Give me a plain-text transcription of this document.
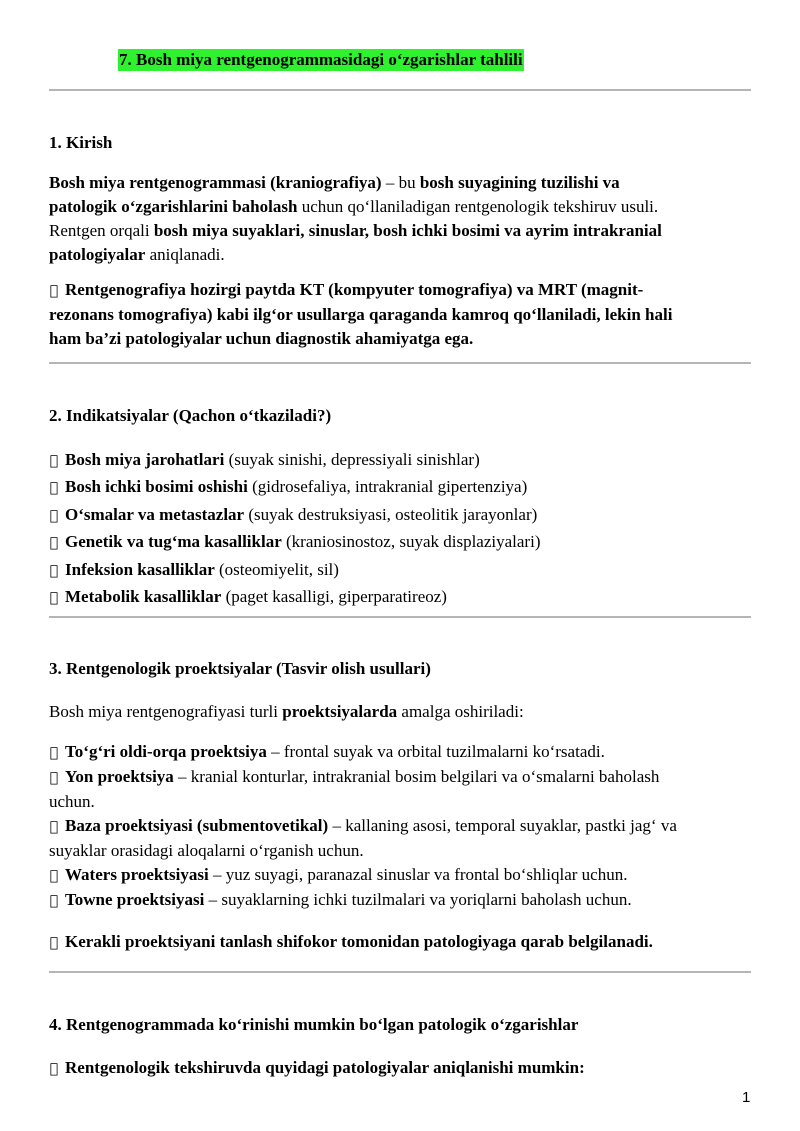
7. Bosh miya rentgenogrammasidagi o‘zgarishlar tahlili
1. Kirish
Bosh miya rentgenogrammasi (kraniografiya) – bu bosh suyagining tuzilishi va
patologik o‘zgarishlarini baholash uchun qo‘llaniladigan rentgenologik tekshiruv usuli.
Rentgen orqali bosh miya suyaklari, sinuslar, bosh ichki bosimi va ayrim intrakranial
patologiyalar aniqlanadi.
Rentgenografiya hozirgi paytda KT (kompyuter tomografiya) va MRT (magnit-
rezonans tomografiya) kabi ilg‘or usullarga qaraganda kamroq qo‘llaniladi, lekin hali
ham ba’zi patologiyalar uchun diagnostik ahamiyatga ega.
2. Indikatsiyalar (Qachon o‘tkaziladi?)
Bosh miya jarohatlari (suyak sinishi, depressiyali sinishlar)
Bosh ichki bosimi oshishi (gidrosefaliya, intrakranial gipertenziya)
O‘smalar va metastazlar (suyak destruksiyasi, osteolitik jarayonlar)
Genetik va tug‘ma kasalliklar (kraniosinostoz, suyak displaziyalari)
Infeksion kasalliklar (osteomiyelit, sil)
Metabolik kasalliklar (paget kasalligi, giperparatireoz)
3. Rentgenologik proektsiyalar (Tasvir olish usullari)
Bosh miya rentgenografiyasi turli proektsiyalarda amalga oshiriladi:
To‘g‘ri oldi-orqa proektsiya – frontal suyak va orbital tuzilmalarni ko‘rsatadi.
Yon proektsiya – kranial konturlar, intrakranial bosim belgilari va o‘smalarni baholash
uchun.
Baza proektsiyasi (submentovetikal) – kallaning asosi, temporal suyaklar, pastki jag‘ va
suyaklar orasidagi aloqalarni o‘rganish uchun.
Waters proektsiyasi – yuz suyagi, paranazal sinuslar va frontal bo‘shliqlar uchun.
Towne proektsiyasi – suyaklarning ichki tuzilmalari va yoriqlarni baholash uchun.
Kerakli proektsiyani tanlash shifokor tomonidan patologiyaga qarab belgilanadi.
4. Rentgenogrammada ko‘rinishi mumkin bo‘lgan patologik o‘zgarishlar
Rentgenologik tekshiruvda quyidagi patologiyalar aniqlanishi mumkin:
1
